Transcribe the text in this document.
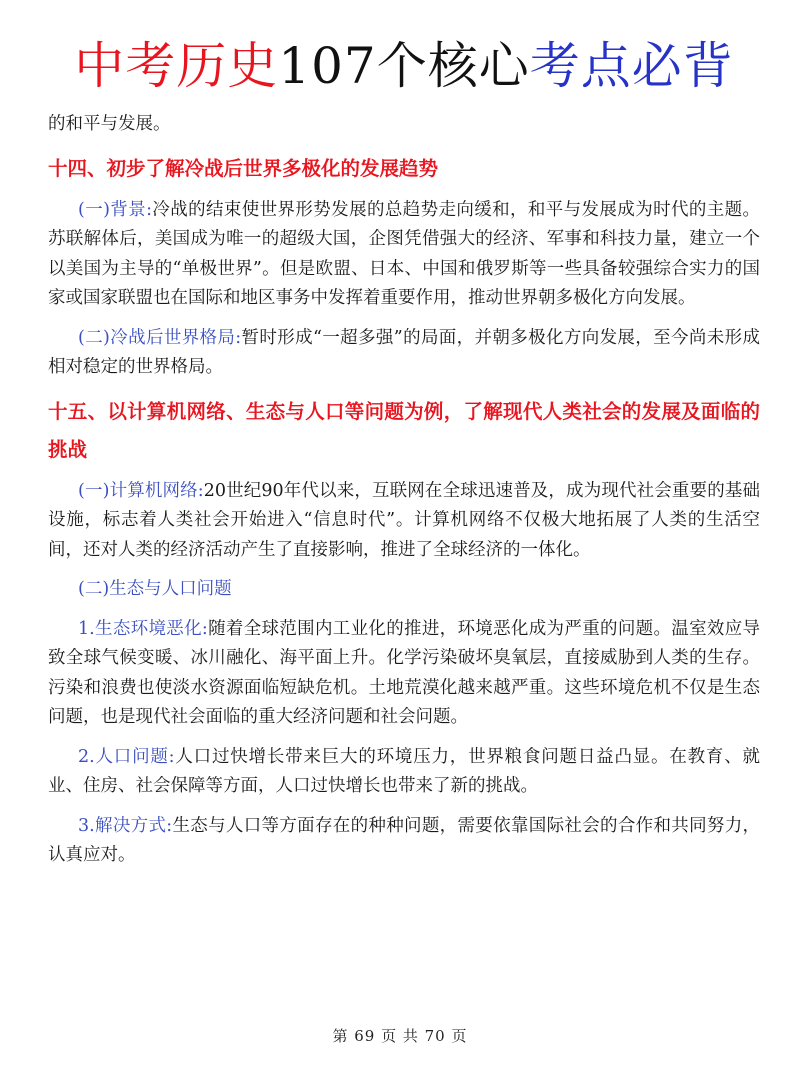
中考历史107个核心考点必背

的和平与发展。

十四、初步了解冷战后世界多极化的发展趋势

(一)背景:冷战的结束使世界形势发展的总趋势走向缓和，和平与发展成为时代的主题。苏联解体后，美国成为唯一的超级大国，企图凭借强大的经济、军事和科技力量，建立一个以美国为主导的“单极世界”。但是欧盟、日本、中国和俄罗斯等一些具备较强综合实力的国家或国家联盟也在国际和地区事务中发挥着重要作用，推动世界朝多极化方向发展。

(二)冷战后世界格局:暂时形成“一超多强”的局面，并朝多极化方向发展，至今尚未形成相对稳定的世界格局。

十五、以计算机网络、生态与人口等问题为例，了解现代人类社会的发展及面临的挑战

(一)计算机网络:20世纪90年代以来，互联网在全球迅速普及，成为现代社会重要的基础设施，标志着人类社会开始进入“信息时代”。计算机网络不仅极大地拓展了人类的生活空间，还对人类的经济活动产生了直接影响，推进了全球经济的一体化。

(二)生态与人口问题

1.生态环境恶化:随着全球范围内工业化的推进，环境恶化成为严重的问题。温室效应导致全球气候变暖、冰川融化、海平面上升。化学污染破坏臭氧层，直接威胁到人类的生存。污染和浪费也使淡水资源面临短缺危机。土地荒漠化越来越严重。这些环境危机不仅是生态问题，也是现代社会面临的重大经济问题和社会问题。

2.人口问题:人口过快增长带来巨大的环境压力，世界粮食问题日益凸显。在教育、就业、住房、社会保障等方面，人口过快增长也带来了新的挑战。

3.解决方式:生态与人口等方面存在的种种问题，需要依靠国际社会的合作和共同努力，认真应对。

第 69 页 共 70 页
